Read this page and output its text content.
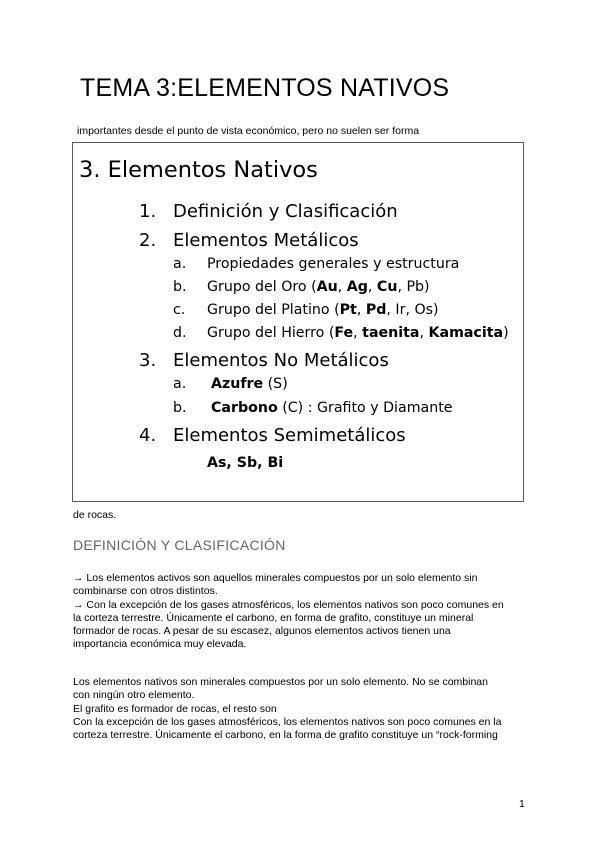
TEMA 3:ELEMENTOS NATIVOS
importantes desde el punto de vista económico, pero no suelen ser forma
3. Elementos Nativos
1. Definición y Clasificación
2. Elementos Metálicos
a.	Propiedades generales y estructura
b.	Grupo del Oro (Au, Ag, Cu, Pb)
c.	Grupo del Platino (Pt, Pd, Ir, Os)
d.	Grupo del Hierro (Fe, taenita, Kamacita)
3. Elementos No Metálicos
a.	Azufre (S)
b.	Carbono (C) : Grafito y Diamante
4. Elementos Semimetálicos
As, Sb, Bi
de rocas.
DEFINICIÓN Y CLASIFICACIÓN

→ Los elementos activos son aquellos minerales compuestos por un solo elemento sin

combinarse con otros distintos.

→ Con la excepción de los gases atmosféricos, los elementos nativos son poco comunes en

la corteza terrestre. Únicamente el carbono, en forma de grafito, constituye un mineral

formador de rocas. A pesar de su escasez, algunos elementos activos tienen una

importancia económica muy elevada.

Los elementos nativos son minerales compuestos por un solo elemento. No se combinan

con ningún otro elemento.

El grafito es formador de rocas, el resto son

Con la excepción de los gases atmosféricos, los elementos nativos son poco comunes en la

corteza terrestre. Únicamente el carbono, en la forma de grafito constituye un “rock-forming

1
